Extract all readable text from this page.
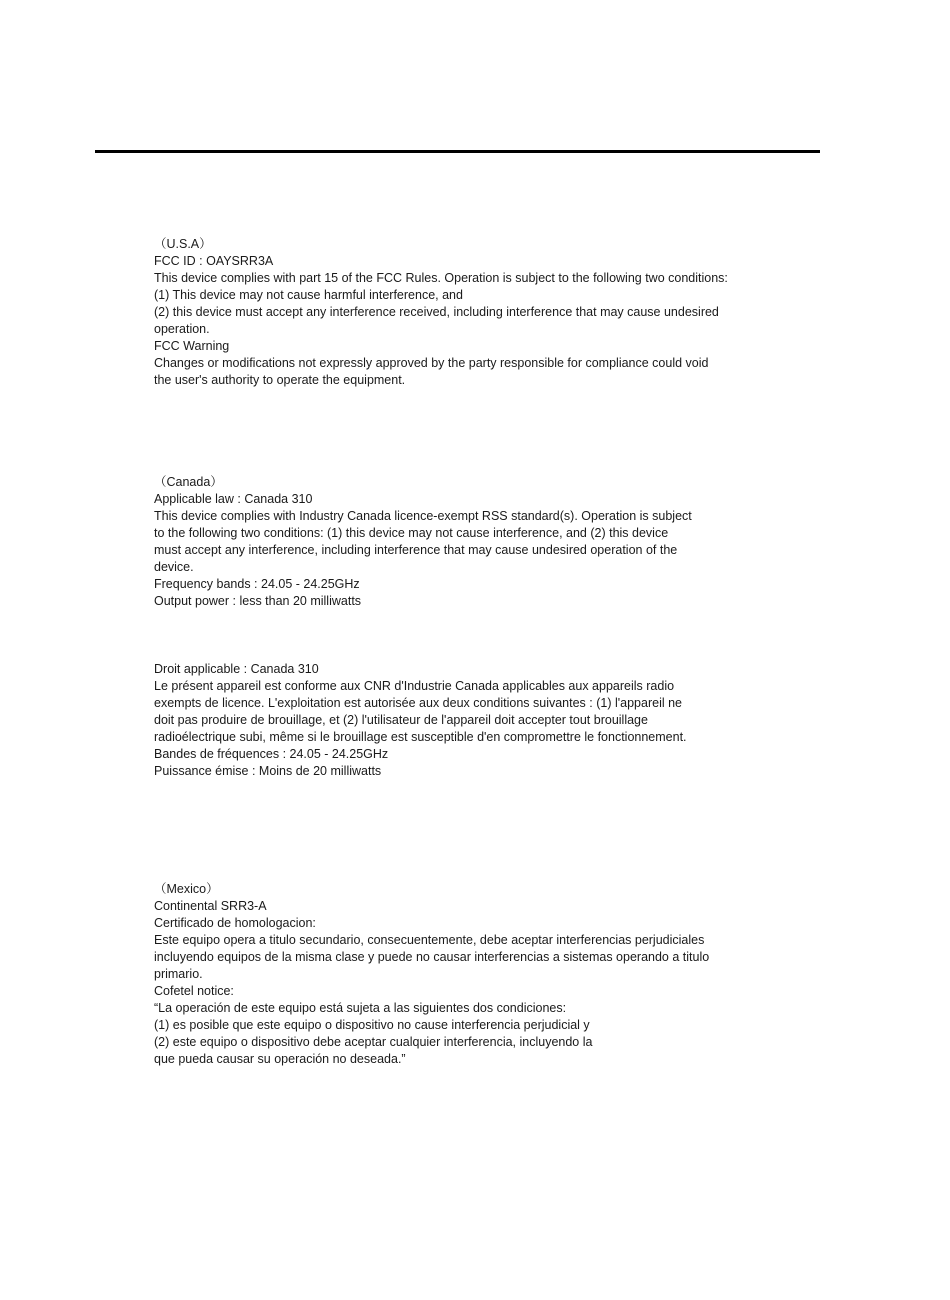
（U.S.A）
FCC ID : OAYSRR3A
This device complies with part 15 of the FCC Rules. Operation is subject to the following two conditions:
(1) This device may not cause harmful interference, and
(2) this device must accept any interference received, including interference that may cause undesired
operation.
FCC Warning
Changes or modifications not expressly approved by the party responsible for compliance could void
the user's authority to operate the equipment.
（Canada）
Applicable law : Canada 310
This device complies with Industry Canada licence-exempt RSS standard(s). Operation is subject
to the following two conditions: (1) this device may not cause interference, and (2) this device
must accept any interference, including interference that may cause undesired operation of the
device.
Frequency bands : 24.05 - 24.25GHz
Output power : less than 20 milliwatts
Droit applicable : Canada 310
Le présent appareil est conforme aux CNR d'Industrie Canada applicables aux appareils radio
exempts de licence. L'exploitation est autorisée aux deux conditions suivantes : (1) l'appareil ne
doit pas produire de brouillage, et (2) l'utilisateur de l'appareil doit accepter tout brouillage
radioélectrique subi, même si le brouillage est susceptible d'en compromettre le fonctionnement.
Bandes de fréquences : 24.05 - 24.25GHz
Puissance émise : Moins de 20 milliwatts
（Mexico）
Continental SRR3-A
Certificado de homologacion:
Este equipo opera a titulo secundario, consecuentemente, debe aceptar interferencias perjudiciales
incluyendo equipos de la misma clase y puede no causar interferencias a sistemas operando a titulo
primario.
Cofetel notice:
“La operación de este equipo está sujeta a las siguientes dos condiciones:
(1) es posible que este equipo o dispositivo no cause interferencia perjudicial y
(2) este equipo o dispositivo debe aceptar cualquier interferencia, incluyendo la
que pueda causar su operación no deseada.”
